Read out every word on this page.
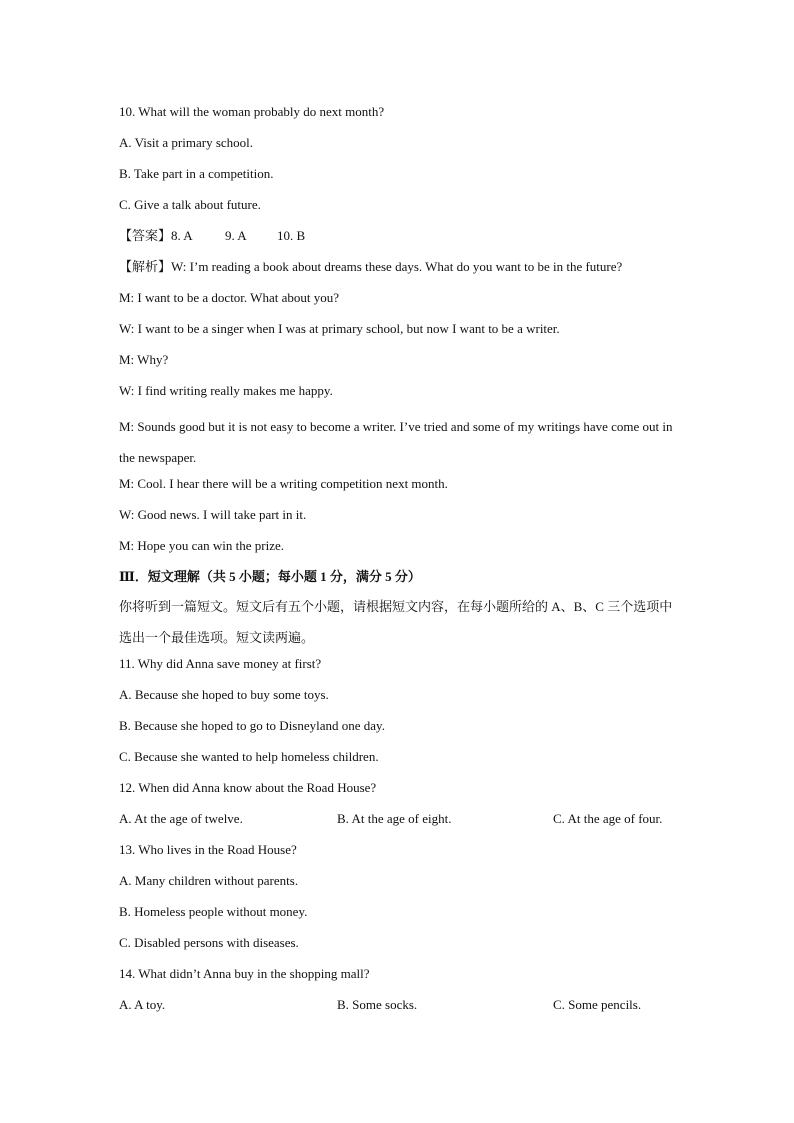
10. What will the woman probably do next month?
A. Visit a primary school.
B. Take part in a competition.
C. Give a talk about future.
【答案】8. A 9. A 10. B
【解析】W: I’m reading a book about dreams these days. What do you want to be in the future?
M: I want to be a doctor. What about you?
W: I want to be a singer when I was at primary school, but now I want to be a writer.
M: Why?
W: I find writing really makes me happy.
M: Sounds good but it is not easy to become a writer. I’ve tried and some of my writings have come out in the newspaper.
M: Cool. I hear there will be a writing competition next month.
W: Good news. I will take part in it.
M: Hope you can win the prize.
Ⅲ．短文理解（共 5 小题；每小题 1 分，满分 5 分）
你将听到一篇短文。短文后有五个小题，请根据短文内容，在每小题所给的 A、B、C 三个选项中选出一个最佳选项。短文读两遍。
11. Why did Anna save money at first?
A. Because she hoped to buy some toys.
B. Because she hoped to go to Disneyland one day.
C. Because she wanted to help homeless children.
12. When did Anna know about the Road House?
A. At the age of twelve.	B. At the age of eight.	C. At the age of four.
13. Who lives in the Road House?
A. Many children without parents.
B. Homeless people without money.
C. Disabled persons with diseases.
14. What didn’t Anna buy in the shopping mall?
A. A toy.	B. Some socks.	C. Some pencils.
